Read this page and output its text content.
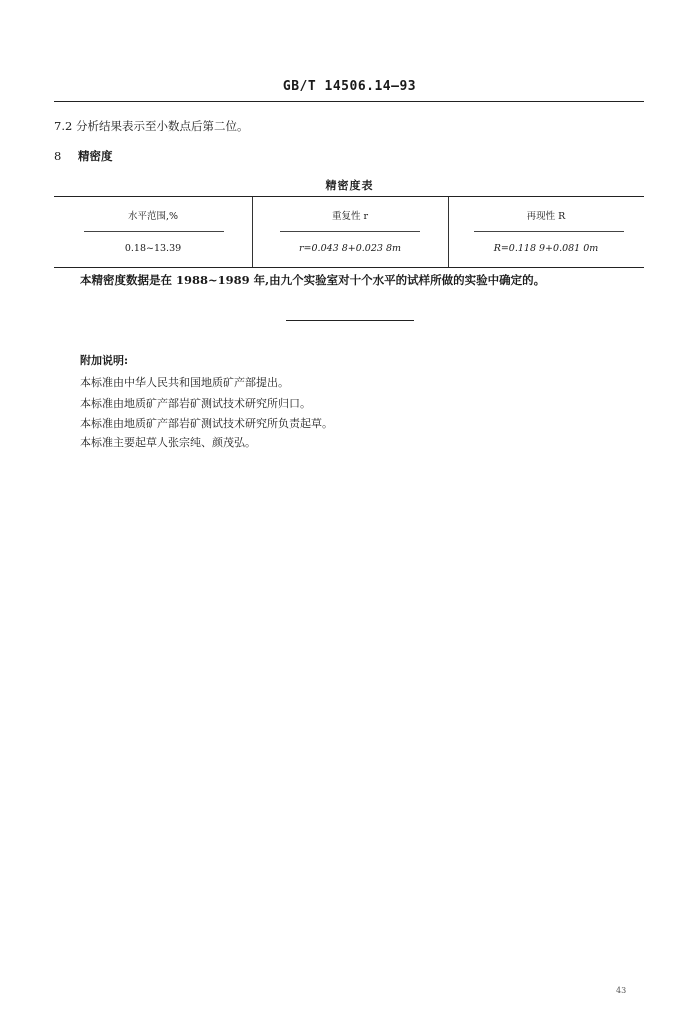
GB/T 14506.14—93
7.2 分析结果表示至小数点后第二位。
8 精密度
精密度表
水平范围,%	重复性 r	再现性 R
0.18~13.39	r=0.043 8+0.023 8m	R=0.118 9+0.081 0m
本精密度数据是在 1988~1989 年,由九个实验室对十个水平的试样所做的实验中确定的。
附加说明:
本标准由中华人民共和国地质矿产部提出。
本标准由地质矿产部岩矿测试技术研究所归口。
本标准由地质矿产部岩矿测试技术研究所负责起草。
本标准主要起草人张宗纯、颜茂弘。
43
